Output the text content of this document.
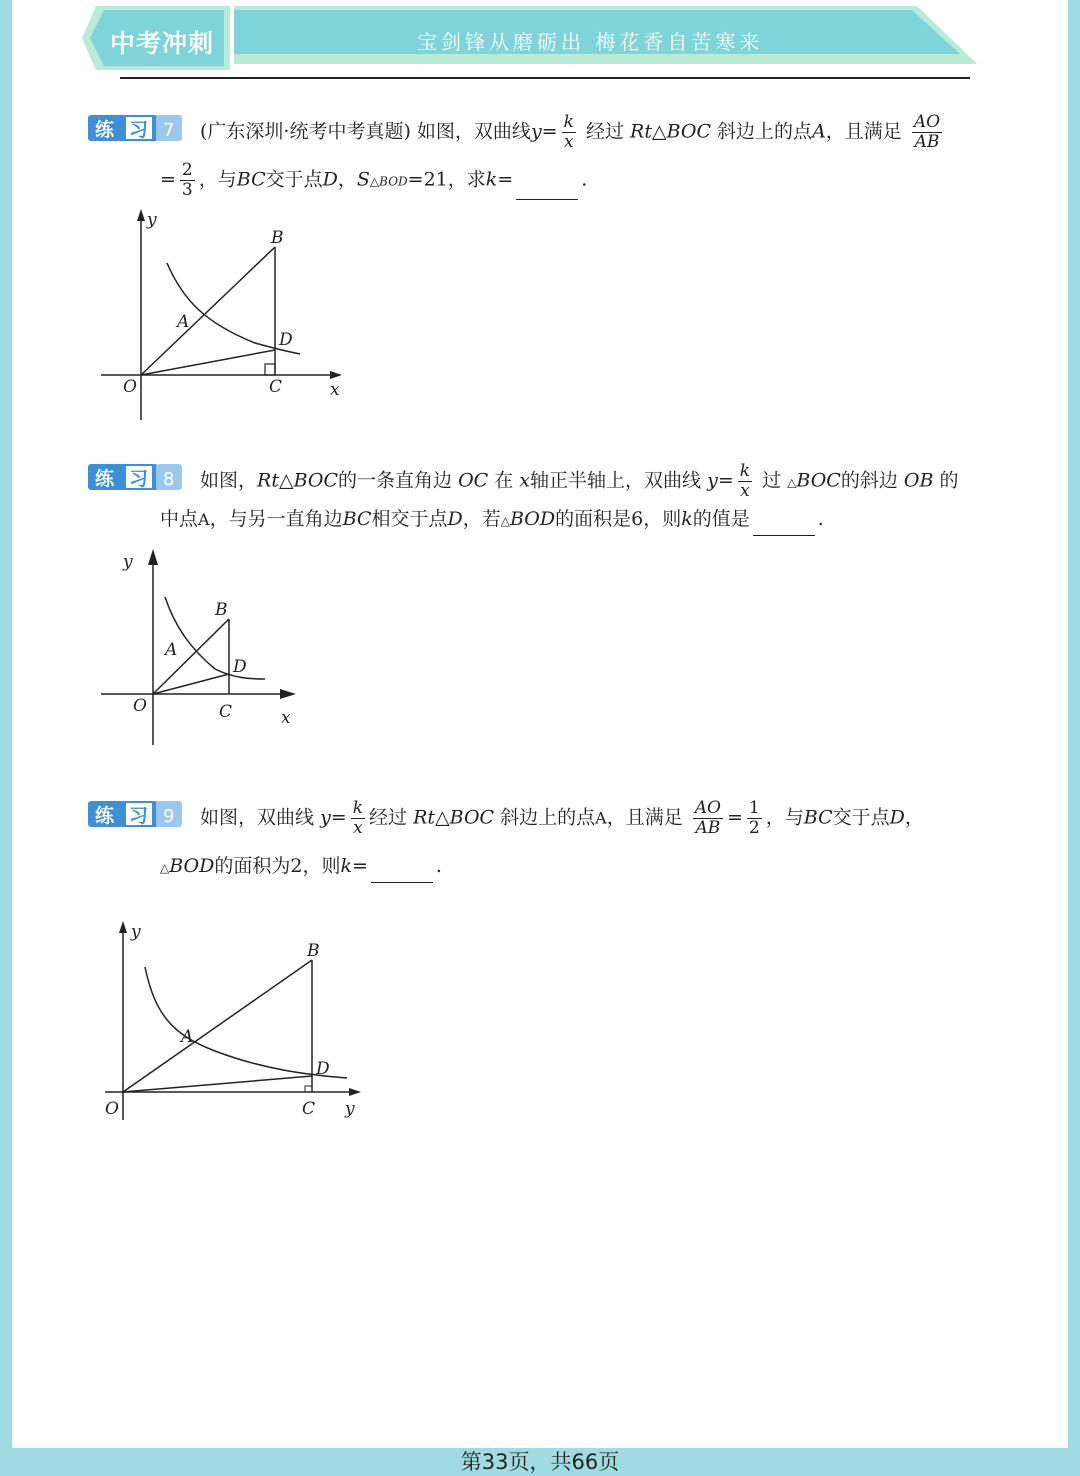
中考冲刺	宝剑锋从磨砺出 梅花香自苦寒来
练 习 7 (广东深圳·统考中考真题) 如图，双曲线$y= \frac{k}{x}$ 经过 Rt△BOC 斜边上的点A，且满足 $\frac{AO}{AB}$
= $\frac{2}{3}$ ，与BC交于点D，S△BOD=21，求k=	.
y
B
A
D
O	C	x
练 习 8 如图，Rt△BOC的一条直角边 OC 在 x轴正半轴上，双曲线 $y= \frac{k}{x}$ 过 △BOC的斜边 OB 的
中点A，与另一直角边BC相交于点D，若△BOD的面积是6，则k的值是	.
y
B
A
D
O	C	x
练 习 9 如图，双曲线 $y= \frac{k}{x}$ 经过 Rt△BOC 斜边上的点A，且满足 $\frac{AO}{AB} = \frac{1}{2}$ ，与BC交于点D，
△BOD的面积为2，则k=	.
y
B
A
D
O	C y
第33页，共66页
